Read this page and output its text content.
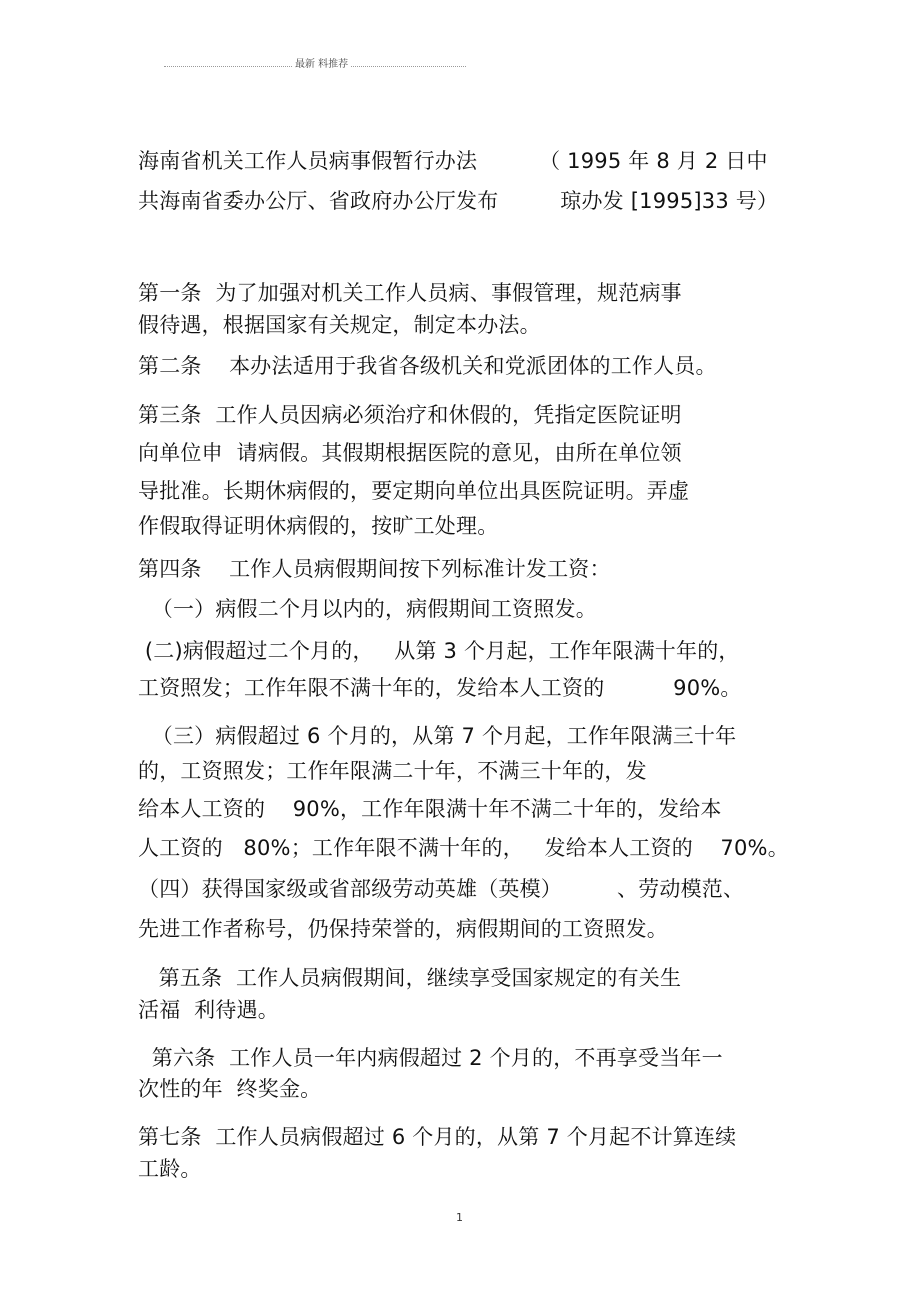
最新 料推荐
海南省机关工作人员病事假暂行办法         （ 1995 年 8 月 2 日中
共海南省委办公厅、省政府办公厅发布         琼办发 [1995]33 号）
第一条  为了加强对机关工作人员病、事假管理，规范病事
假待遇，根据国家有关规定，制定本办法。
第二条    本办法适用于我省各级机关和党派团体的工作人员。
第三条  工作人员因病必须治疗和休假的，凭指定医院证明
向单位申  请病假。其假期根据医院的意见，由所在单位领
导批准。长期休病假的，要定期向单位出具医院证明。弄虚
作假取得证明休病假的，按旷工处理。
第四条    工作人员病假期间按下列标准计发工资：
（一）病假二个月以内的，病假期间工资照发。
(二)病假超过二个月的，   从第 3 个月起，工作年限满十年的，
工资照发；工作年限不满十年的，发给本人工资的          90%。
（三）病假超过 6 个月的，从第 7 个月起，工作年限满三十年
的，工资照发；工作年限满二十年，不满三十年的，发
给本人工资的    90%，工作年限满十年不满二十年的，发给本
人工资的   80%；工作年限不满十年的，   发给本人工资的    70%。
（四）获得国家级或省部级劳动英雄（英模）        、劳动模范、
先进工作者称号，仍保持荣誉的，病假期间的工资照发。
第五条  工作人员病假期间，继续享受国家规定的有关生
活福  利待遇。
第六条  工作人员一年内病假超过 2 个月的，不再享受当年一
次性的年  终奖金。
第七条  工作人员病假超过 6 个月的，从第 7 个月起不计算连续
工龄。
1
